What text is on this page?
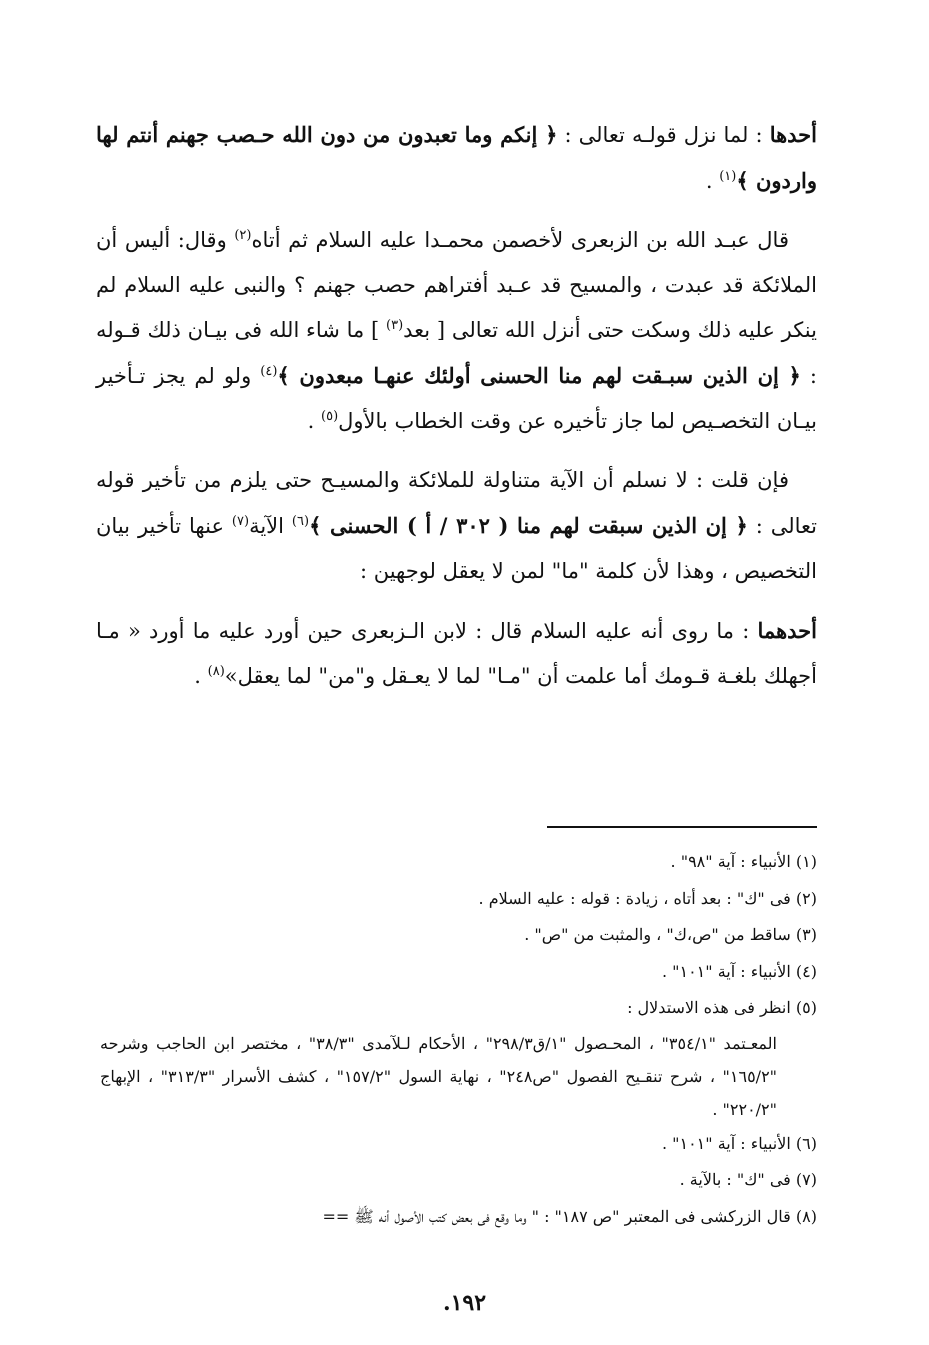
أحدها : لما نزل قولـه تعالى : ﴿ إنكم وما تعبدون من دون الله حـصب جهنم أنتم لها واردون ﴾$^{(١)}$ .

قال عبـد الله بن الزبعرى لأخصمن محمـدا عليه السلام ثم أتاه$^{(٢)}$ وقال: أليس أن الملائكة قد عبدت ، والمسيح قد عـبد أفتراهم حصب جهنم ؟ والنبى عليه السلام لم ينكر عليه ذلك وسكت حتى أنزل الله تعالى [ بعد$^{(٣)}$ ] ما شاء الله فى بيـان ذلك قـوله : ﴿ إن الذين سبـقت لهم منا الحسنى أولئك عنهـا مبعدون ﴾$^{(٤)}$ ولو لم يجز تـأخير بيـان التخصـيص لما جاز تأخيره عن وقت الخطاب بالأول$^{(٥)}$ .

فإن قلت : لا نسلم أن الآية متناولة للملائكة والمسيـح حتى يلزم من تأخير قوله تعالى : ﴿ إن الذين سبقت لهم منا ( ٣٠٢ / أ ) الحسنى ﴾$^{(٦)}$ الآية$^{(٧)}$ عنها تأخير بيان التخصيص ، وهذا لأن كلمة "ما" لمن لا يعقل لوجهين :

أحدهما : ما روى أنه عليه السلام قال : لابن الـزبعرى حين أورد عليه ما أورد « مـا أجهلك بلغـة قـومك أما علمت أن "مـا" لما لا يعـقل و"من" لما يعقل»$^{(٨)}$ .

(١) الأنبياء : آية "٩٨" .

(٢) فى "ك" : بعد أتاه ، زيادة : قوله : عليه السلام .

(٣) ساقط من "ص،ك" ، والمثبت من "ص" .

(٤) الأنبياء : آية "١٠١" .

(٥) انظر فى هذه الاستدلال :

المعـتمد "٣٥٤/١" ، المحـصول "١/ق٢٩٨/٣" ، الأحكام لـلآمدى "٣٨/٣" ، مختصر ابن الحاجب وشرحه "١٦٥/٢" ، شرح تنقـيح الفصول "ص٢٤٨" ، نهاية السول "١٥٧/٢" ، كشف الأسرار "٣١٣/٣" ، الإبهاج "٢٢٠/٢" .

(٦) الأنبياء : آية "١٠١" .

(٧) فى "ك" : بالآية .

(٨) قال الزركشى فى المعتبر "ص ١٨٧" : " وما وقع فى بعض كتب الأصول أنه ﷺ ==

١٩٢.
